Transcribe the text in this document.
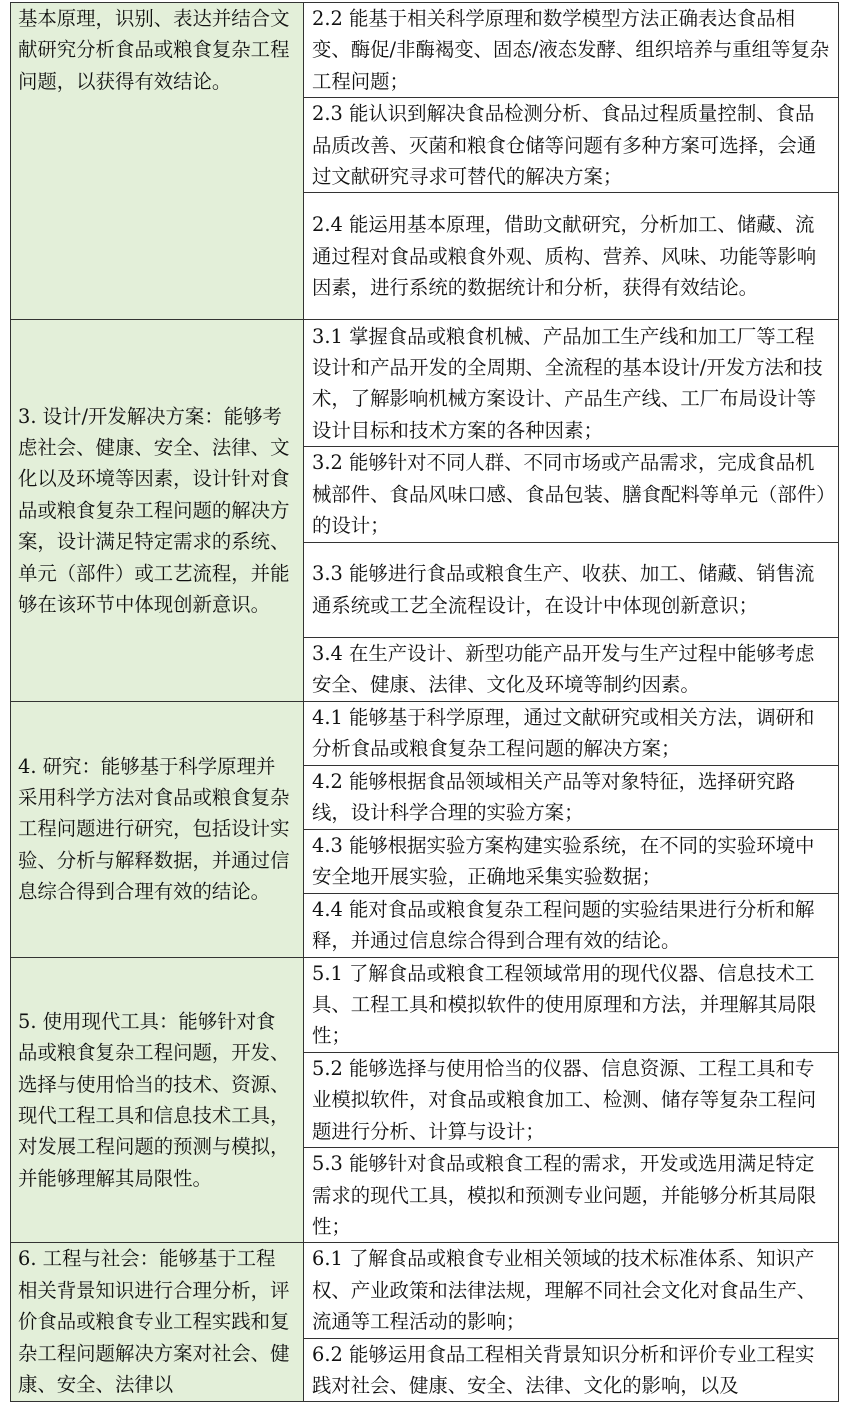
基本原理，识别、表达并结合文献研究分析食品或粮食复杂工程问题，以获得有效结论。	2.2 能基于相关科学原理和数学模型方法正确表达食品相变、酶促/非酶褐变、固态/液态发酵、组织培养与重组等复杂工程问题；
	2.3 能认识到解决食品检测分析、食品过程质量控制、食品品质改善、灭菌和粮食仓储等问题有多种方案可选择，会通过文献研究寻求可替代的解决方案；
	2.4 能运用基本原理，借助文献研究，分析加工、储藏、流通过程对食品或粮食外观、质构、营养、风味、功能等影响因素，进行系统的数据统计和分析，获得有效结论。
3. 设计/开发解决方案：能够考虑社会、健康、安全、法律、文化以及环境等因素，设计针对食品或粮食复杂工程问题的解决方案，设计满足特定需求的系统、单元（部件）或工艺流程，并能够在该环节中体现创新意识。	3.1 掌握食品或粮食机械、产品加工生产线和加工厂等工程设计和产品开发的全周期、全流程的基本设计/开发方法和技术，了解影响机械方案设计、产品生产线、工厂布局设计等设计目标和技术方案的各种因素；
	3.2 能够针对不同人群、不同市场或产品需求，完成食品机械部件、食品风味口感、食品包装、膳食配料等单元（部件）的设计；
	3.3 能够进行食品或粮食生产、收获、加工、储藏、销售流通系统或工艺全流程设计，在设计中体现创新意识；
	3.4 在生产设计、新型功能产品开发与生产过程中能够考虑安全、健康、法律、文化及环境等制约因素。
4. 研究：能够基于科学原理并采用科学方法对食品或粮食复杂工程问题进行研究，包括设计实验、分析与解释数据，并通过信息综合得到合理有效的结论。	4.1 能够基于科学原理，通过文献研究或相关方法，调研和分析食品或粮食复杂工程问题的解决方案；
	4.2 能够根据食品领域相关产品等对象特征，选择研究路线，设计科学合理的实验方案；
	4.3 能够根据实验方案构建实验系统，在不同的实验环境中安全地开展实验，正确地采集实验数据；
	4.4 能对食品或粮食复杂工程问题的实验结果进行分析和解释，并通过信息综合得到合理有效的结论。
5. 使用现代工具：能够针对食品或粮食复杂工程问题，开发、选择与使用恰当的技术、资源、现代工程工具和信息技术工具，对发展工程问题的预测与模拟，并能够理解其局限性。	5.1 了解食品或粮食工程领域常用的现代仪器、信息技术工具、工程工具和模拟软件的使用原理和方法，并理解其局限性；
	5.2 能够选择与使用恰当的仪器、信息资源、工程工具和专业模拟软件，对食品或粮食加工、检测、储存等复杂工程问题进行分析、计算与设计；
	5.3 能够针对食品或粮食工程的需求，开发或选用满足特定需求的现代工具，模拟和预测专业问题，并能够分析其局限性；
6. 工程与社会：能够基于工程相关背景知识进行合理分析，评价食品或粮食专业工程实践和复杂工程问题解决方案对社会、健康、安全、法律以	6.1 了解食品或粮食专业相关领域的技术标准体系、知识产权、产业政策和法律法规，理解不同社会文化对食品生产、流通等工程活动的影响；
	6.2 能够运用食品工程相关背景知识分析和评价专业工程实践对社会、健康、安全、法律、文化的影响，以及
